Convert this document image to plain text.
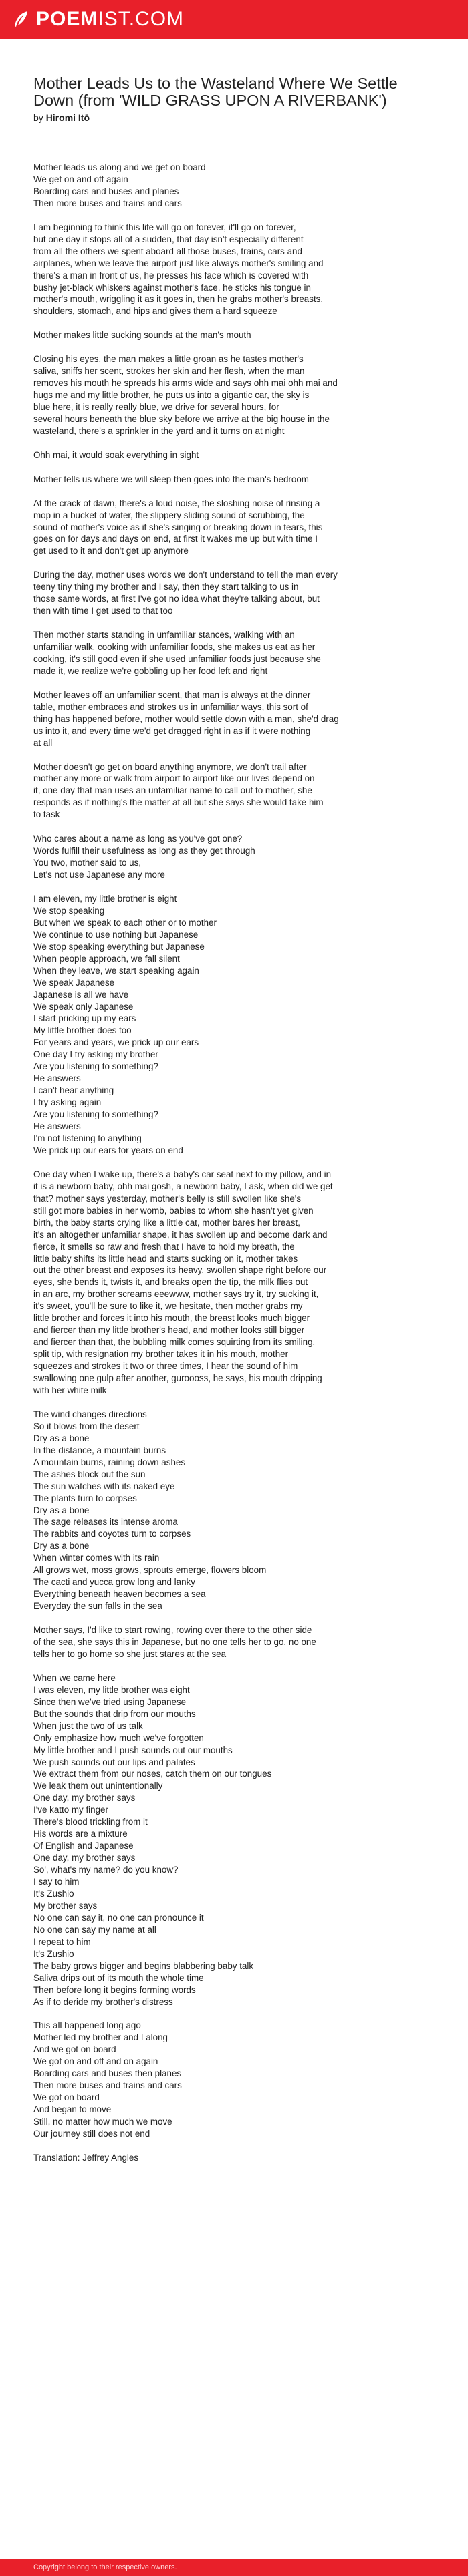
POEMIST.COM
Mother Leads Us to the Wasteland Where We Settle
Down (from 'WILD GRASS UPON A RIVERBANK')
by Hiromi Itō
Mother leads us along and we get on board
We get on and off again
Boarding cars and buses and planes
Then more buses and trains and cars
I am beginning to think this life will go on forever, it'll go on forever,
but one day it stops all of a sudden, that day isn't especially different
from all the others we spent aboard all those buses, trains, cars and
airplanes, when we leave the airport just like always mother's smiling and
there's a man in front of us, he presses his face which is covered with
bushy jet-black whiskers against mother's face, he sticks his tongue in
mother's mouth, wriggling it as it goes in, then he grabs mother's breasts,
shoulders, stomach, and hips and gives them a hard squeeze
Mother makes little sucking sounds at the man's mouth
Closing his eyes, the man makes a little groan as he tastes mother's
saliva, sniffs her scent, strokes her skin and her flesh, when the man
removes his mouth he spreads his arms wide and says ohh mai ohh mai and
hugs me and my little brother, he puts us into a gigantic car, the sky is
blue here, it is really really blue, we drive for several hours, for
several hours beneath the blue sky before we arrive at the big house in the
wasteland, there's a sprinkler in the yard and it turns on at night
Ohh mai, it would soak everything in sight
Mother tells us where we will sleep then goes into the man's bedroom
At the crack of dawn, there's a loud noise, the sloshing noise of rinsing a
mop in a bucket of water, the slippery sliding sound of scrubbing, the
sound of mother's voice as if she's singing or breaking down in tears, this
goes on for days and days on end, at first it wakes me up but with time I
get used to it and don't get up anymore
During the day, mother uses words we don't understand to tell the man every
teeny tiny thing my brother and I say, then they start talking to us in
those same words, at first I've got no idea what they're talking about, but
then with time I get used to that too
Then mother starts standing in unfamiliar stances, walking with an
unfamiliar walk, cooking with unfamiliar foods, she makes us eat as her
cooking, it's still good even if she used unfamiliar foods just because she
made it, we realize we're gobbling up her food left and right
Mother leaves off an unfamiliar scent, that man is always at the dinner
table, mother embraces and strokes us in unfamiliar ways, this sort of
thing has happened before, mother would settle down with a man, she'd drag
us into it, and every time we'd get dragged right in as if it were nothing
at all
Mother doesn't go get on board anything anymore, we don't trail after
mother any more or walk from airport to airport like our lives depend on
it, one day that man uses an unfamiliar name to call out to mother, she
responds as if nothing's the matter at all but she says she would take him
to task
Who cares about a name as long as you've got one?
Words fulfill their usefulness as long as they get through
You two, mother said to us,
Let's not use Japanese any more
I am eleven, my little brother is eight
We stop speaking
But when we speak to each other or to mother
We continue to use nothing but Japanese
We stop speaking everything but Japanese
When people approach, we fall silent
When they leave, we start speaking again
We speak Japanese
Japanese is all we have
We speak only Japanese
I start pricking up my ears
My little brother does too
For years and years, we prick up our ears
One day I try asking my brother
Are you listening to something?
He answers
I can't hear anything
I try asking again
Are you listening to something?
He answers
I'm not listening to anything
We prick up our ears for years on end
One day when I wake up, there's a baby's car seat next to my pillow, and in
it is a newborn baby, ohh mai gosh, a newborn baby, I ask, when did we get
that? mother says yesterday, mother's belly is still swollen like she's
still got more babies in her womb, babies to whom she hasn't yet given
birth, the baby starts crying like a little cat, mother bares her breast,
it's an altogether unfamiliar shape, it has swollen up and become dark and
fierce, it smells so raw and fresh that I have to hold my breath, the
little baby shifts its little head and starts sucking on it, mother takes
out the other breast and exposes its heavy, swollen shape right before our
eyes, she bends it, twists it, and breaks open the tip, the milk flies out
in an arc, my brother screams eeewww, mother says try it, try sucking it,
it's sweet, you'll be sure to like it, we hesitate, then mother grabs my
little brother and forces it into his mouth, the breast looks much bigger
and fiercer than my little brother's head, and mother looks still bigger
and fiercer than that, the bubbling milk comes squirting from its smiling,
split tip, with resignation my brother takes it in his mouth, mother
squeezes and strokes it two or three times, I hear the sound of him
swallowing one gulp after another, guroooss, he says, his mouth dripping
with her white milk
The wind changes directions
So it blows from the desert
Dry as a bone
In the distance, a mountain burns
A mountain burns, raining down ashes
The ashes block out the sun
The sun watches with its naked eye
The plants turn to corpses
Dry as a bone
The sage releases its intense aroma
The rabbits and coyotes turn to corpses
Dry as a bone
When winter comes with its rain
All grows wet, moss grows, sprouts emerge, flowers bloom
The cacti and yucca grow long and lanky
Everything beneath heaven becomes a sea
Everyday the sun falls in the sea
Mother says, I'd like to start rowing, rowing over there to the other side
of the sea, she says this in Japanese, but no one tells her to go, no one
tells her to go home so she just stares at the sea
When we came here
I was eleven, my little brother was eight
Since then we've tried using Japanese
But the sounds that drip from our mouths
When just the two of us talk
Only emphasize how much we've forgotten
My little brother and I push sounds out our mouths
We push sounds out our lips and palates
We extract them from our noses, catch them on our tongues
We leak them out unintentionally
One day, my brother says
I've katto my finger
There's blood trickling from it
His words are a mixture
Of English and Japanese
One day, my brother says
So', what's my name? do you know?
I say to him
It's Zushio
My brother says
No one can say it, no one can pronounce it
No one can say my name at all
I repeat to him
It's Zushio
The baby grows bigger and begins blabbering baby talk
Saliva drips out of its mouth the whole time
Then before long it begins forming words
As if to deride my brother's distress
This all happened long ago
Mother led my brother and I along
And we got on board
We got on and off and on again
Boarding cars and buses then planes
Then more buses and trains and cars
We got on board
And began to move
Still, no matter how much we move
Our journey still does not end
Translation: Jeffrey Angles
Copyright belong to their respective owners.
